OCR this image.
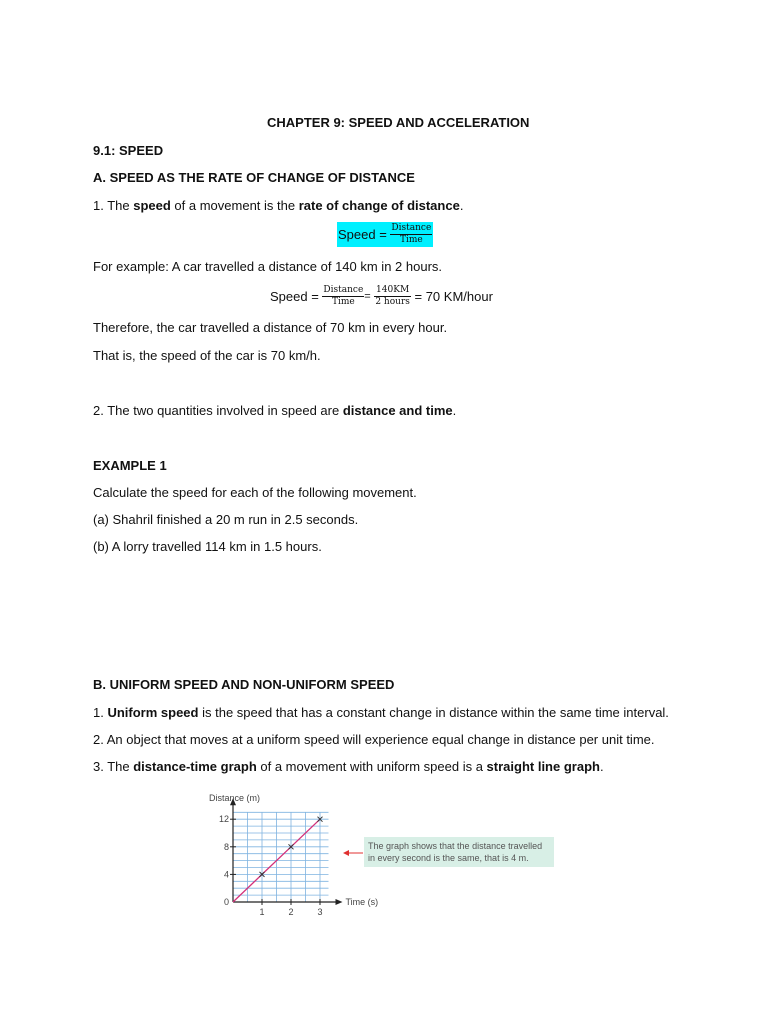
CHAPTER 9: SPEED AND ACCELERATION
9.1: SPEED
A. SPEED AS THE RATE OF CHANGE OF DISTANCE
1. The speed of a movement is the rate of change of distance.
Speed = $\frac{\text{Distance}}{\text{Time}}$
For example: A car travelled a distance of 140 km in 2 hours.
Speed = $\frac{\text{Distance}}{\text{Time}} = \frac{140KM}{\text{2 hours}} = 70$ KM/hour
Therefore, the car travelled a distance of 70 km in every hour.
That is, the speed of the car is 70 km/h.
2. The two quantities involved in speed are distance and time.
EXAMPLE 1
Calculate the speed for each of the following movement.
(a) Shahril finished a 20 m run in 2.5 seconds.
(b) A lorry travelled 114 km in 1.5 hours.
B. UNIFORM SPEED AND NON-UNIFORM SPEED
1. Uniform speed is the speed that has a constant change in distance within the same time interval.
2. An object that moves at a uniform speed will experience equal change in distance per unit time.
3. The distance-time graph of a movement with uniform speed is a straight line graph.
Distance (m)
Time (s)
1	2	3
4
8
12
0
The graph shows that the distance travelled
in every second is the same, that is 4 m.
